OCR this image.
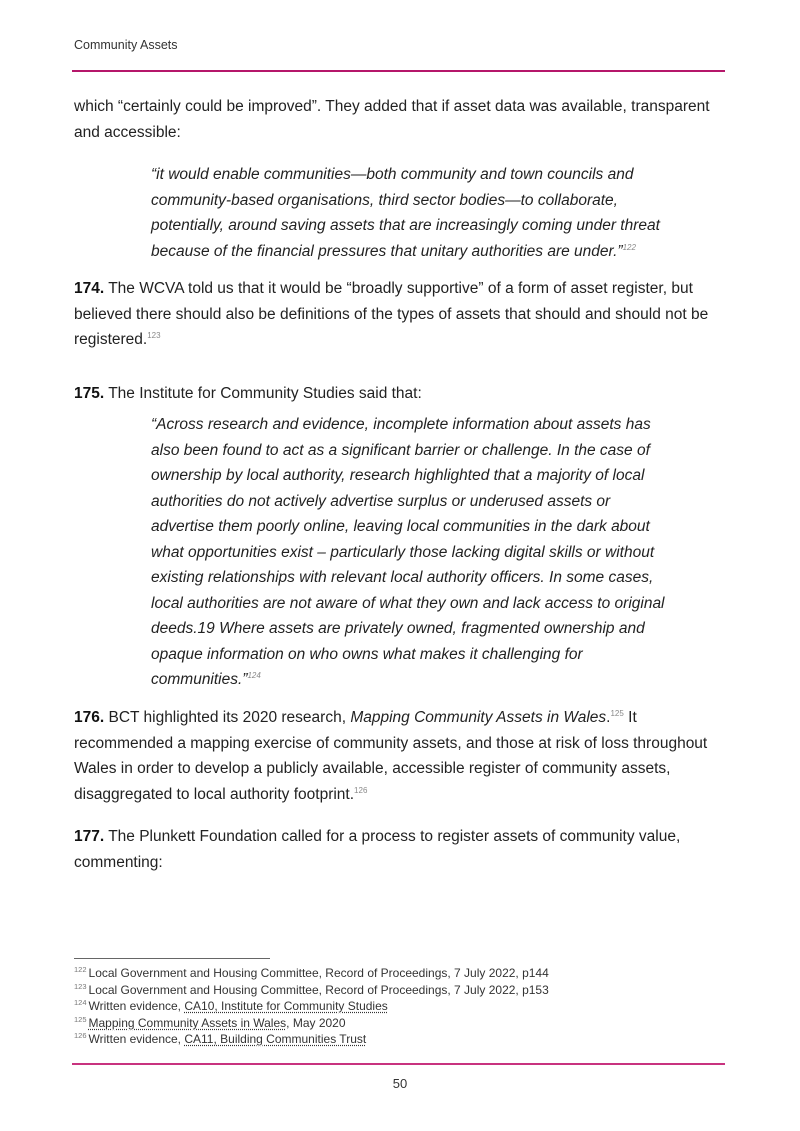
Community Assets

which “certainly could be improved”. They added that if asset data was available, transparent and accessible:

“it would enable communities—both community and town councils and community-based organisations, third sector bodies—to collaborate, potentially, around saving assets that are increasingly coming under threat because of the financial pressures that unitary authorities are under.”$^{122}$

174. The WCVA told us that it would be “broadly supportive” of a form of asset register, but believed there should also be definitions of the types of assets that should and should not be registered.$^{123}$

175. The Institute for Community Studies said that:

“Across research and evidence, incomplete information about assets has also been found to act as a significant barrier or challenge. In the case of ownership by local authority, research highlighted that a majority of local authorities do not actively advertise surplus or underused assets or advertise them poorly online, leaving local communities in the dark about what opportunities exist – particularly those lacking digital skills or without existing relationships with relevant local authority officers. In some cases, local authorities are not aware of what they own and lack access to original deeds.19 Where assets are privately owned, fragmented ownership and opaque information on who owns what makes it challenging for communities.”$^{124}$

176. BCT highlighted its 2020 research, Mapping Community Assets in Wales.$^{125}$ It recommended a mapping exercise of community assets, and those at risk of loss throughout Wales in order to develop a publicly available, accessible register of community assets, disaggregated to local authority footprint.$^{126}$

177. The Plunkett Foundation called for a process to register assets of community value, commenting:

$^{122}$ Local Government and Housing Committee, Record of Proceedings, 7 July 2022, p144
$^{123}$ Local Government and Housing Committee, Record of Proceedings, 7 July 2022, p153
$^{124}$ Written evidence, CA10, Institute for Community Studies
$^{125}$ Mapping Community Assets in Wales, May 2020
$^{126}$ Written evidence, CA11, Building Communities Trust
50
